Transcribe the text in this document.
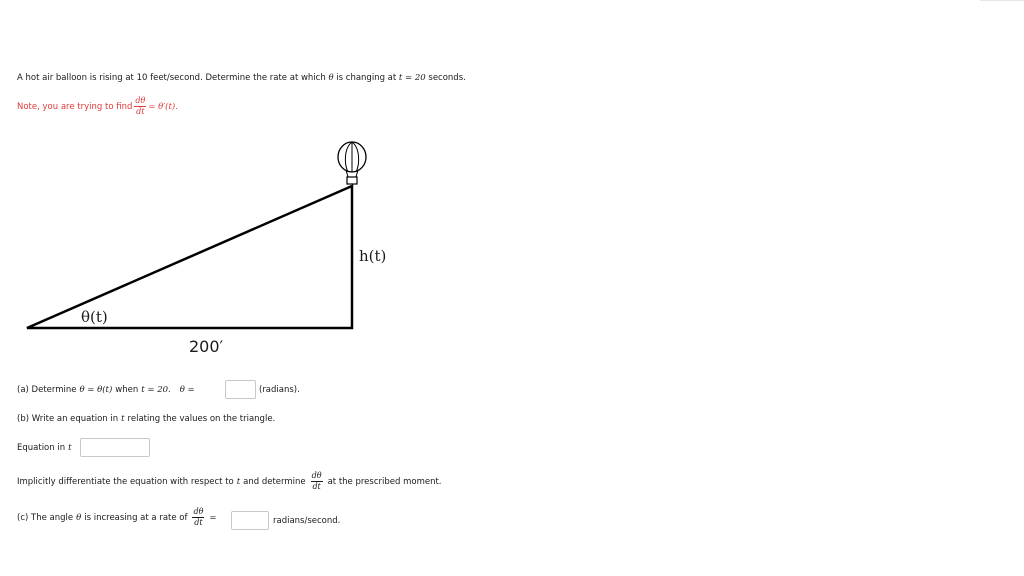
A hot air balloon is rising at 10 feet/second. Determine the rate at which θ is changing at t = 20 seconds.
Note, you are trying to find $\frac{d\theta}{dt} = \theta'(t)$.
h(t)
θ(t)
200′
(a) Determine θ = θ(t) when t = 20. θ =	(radians).
(b) Write an equation in t relating the values on the triangle.
Equation in t
Implicitly differentiate the equation with respect to t and determine $\frac{d\theta}{dt}$ at the prescribed moment.
(c) The angle θ is increasing at a rate of $\frac{d\theta}{dt}$ =	radians/second.
